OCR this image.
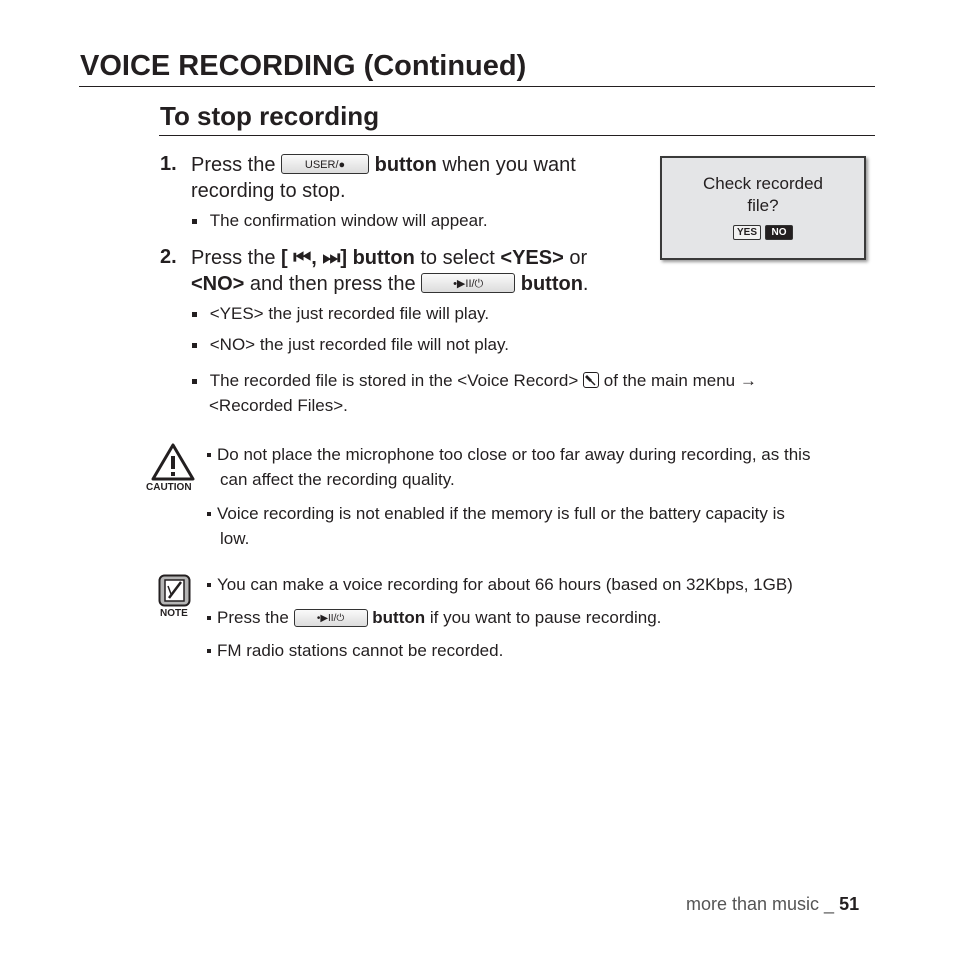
VOICE RECORDING (Continued)
To stop recording
1. Press the	USER/● button when you want
recording to stop.
The confirmation window will appear.
Check recorded
file?
YES	NO
2. Press the [ ⏮, ⏭] button to select <YES> or
<NO> and then press the	•▶II/⏻ button.
<YES> the just recorded file will play.
<NO> the just recorded file will not play.
The recorded file is stored in the <Voice Record> of the main menu →
<Recorded Files>.
CAUTION
Do not place the microphone too close or too far away during recording, as this
can affect the recording quality.
Voice recording is not enabled if the memory is full or the battery capacity is
low.
NOTE
You can make a voice recording for about 66 hours (based on 32Kbps, 1GB)
Press the	•▶II/⏻ button if you want to pause recording.
FM radio stations cannot be recorded.
more than music _ 51
